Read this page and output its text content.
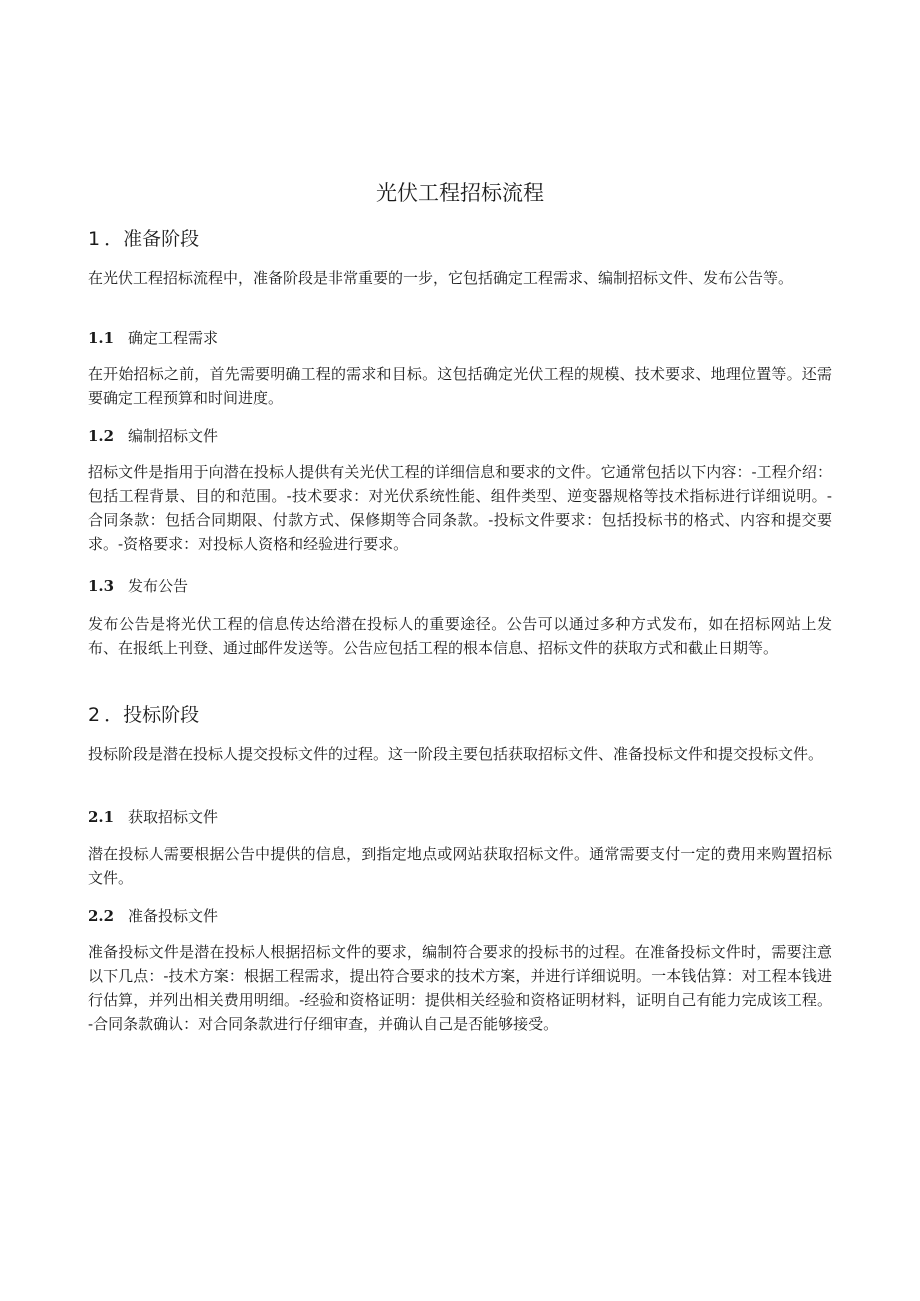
光伏工程招标流程
1 ．准备阶段

在光伏工程招标流程中，准备阶段是非常重要的一步，它包括确定工程需求、编制招标文件、发布公告等。

1.1 确定工程需求

在开始招标之前，首先需要明确工程的需求和目标。这包括确定光伏工程的规模、技术要求、地理位置等。还需要确定工程预算和时间进度。

1.2 编制招标文件

招标文件是指用于向潜在投标人提供有关光伏工程的详细信息和要求的文件。它通常包括以下内容：-工程介绍：包括工程背景、目的和范围。-技术要求：对光伏系统性能、组件类型、逆变器规格等技术指标进行详细说明。-合同条款：包括合同期限、付款方式、保修期等合同条款。-投标文件要求：包括投标书的格式、内容和提交要求。-资格要求：对投标人资格和经验进行要求。

1.3 发布公告

发布公告是将光伏工程的信息传达给潜在投标人的重要途径。公告可以通过多种方式发布，如在招标网站上发布、在报纸上刊登、通过邮件发送等。公告应包括工程的根本信息、招标文件的获取方式和截止日期等。

2 ．投标阶段

投标阶段是潜在投标人提交投标文件的过程。这一阶段主要包括获取招标文件、准备投标文件和提交投标文件。

2.1 获取招标文件

潜在投标人需要根据公告中提供的信息，到指定地点或网站获取招标文件。通常需要支付一定的费用来购置招标文件。

2.2 准备投标文件

准备投标文件是潜在投标人根据招标文件的要求，编制符合要求的投标书的过程。在准备投标文件时，需要注意以下几点：-技术方案：根据工程需求，提出符合要求的技术方案，并进行详细说明。一本钱估算：对工程本钱进行估算，并列出相关费用明细。-经验和资格证明：提供相关经验和资格证明材料，证明自己有能力完成该工程。-合同条款确认：对合同条款进行仔细审查，并确认自己是否能够接受。
